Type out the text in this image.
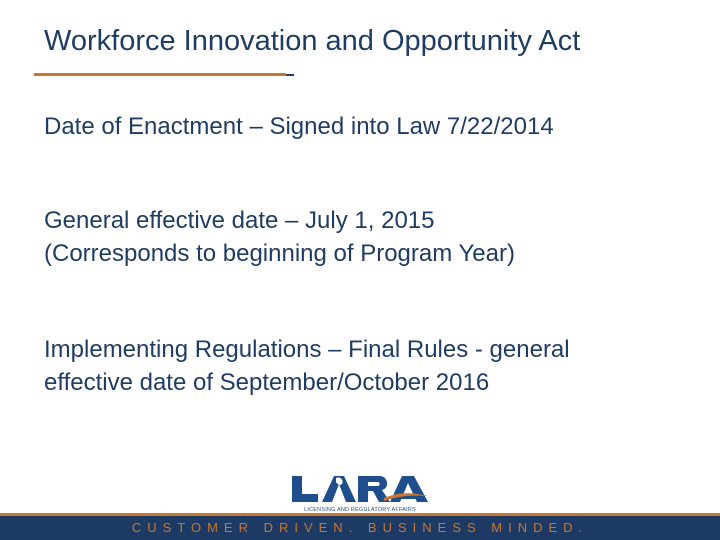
Workforce Innovation and Opportunity Act

Date of Enactment – Signed into Law 7/22/2014

General effective date – July 1, 2015

(Corresponds to beginning of Program Year)

Implementing Regulations – Final Rules - general

effective date of September/October 2016

LICENSING AND REGULATORY AFFAIRS
CUSTOMER DRIVEN. BUSINESS MINDED.
